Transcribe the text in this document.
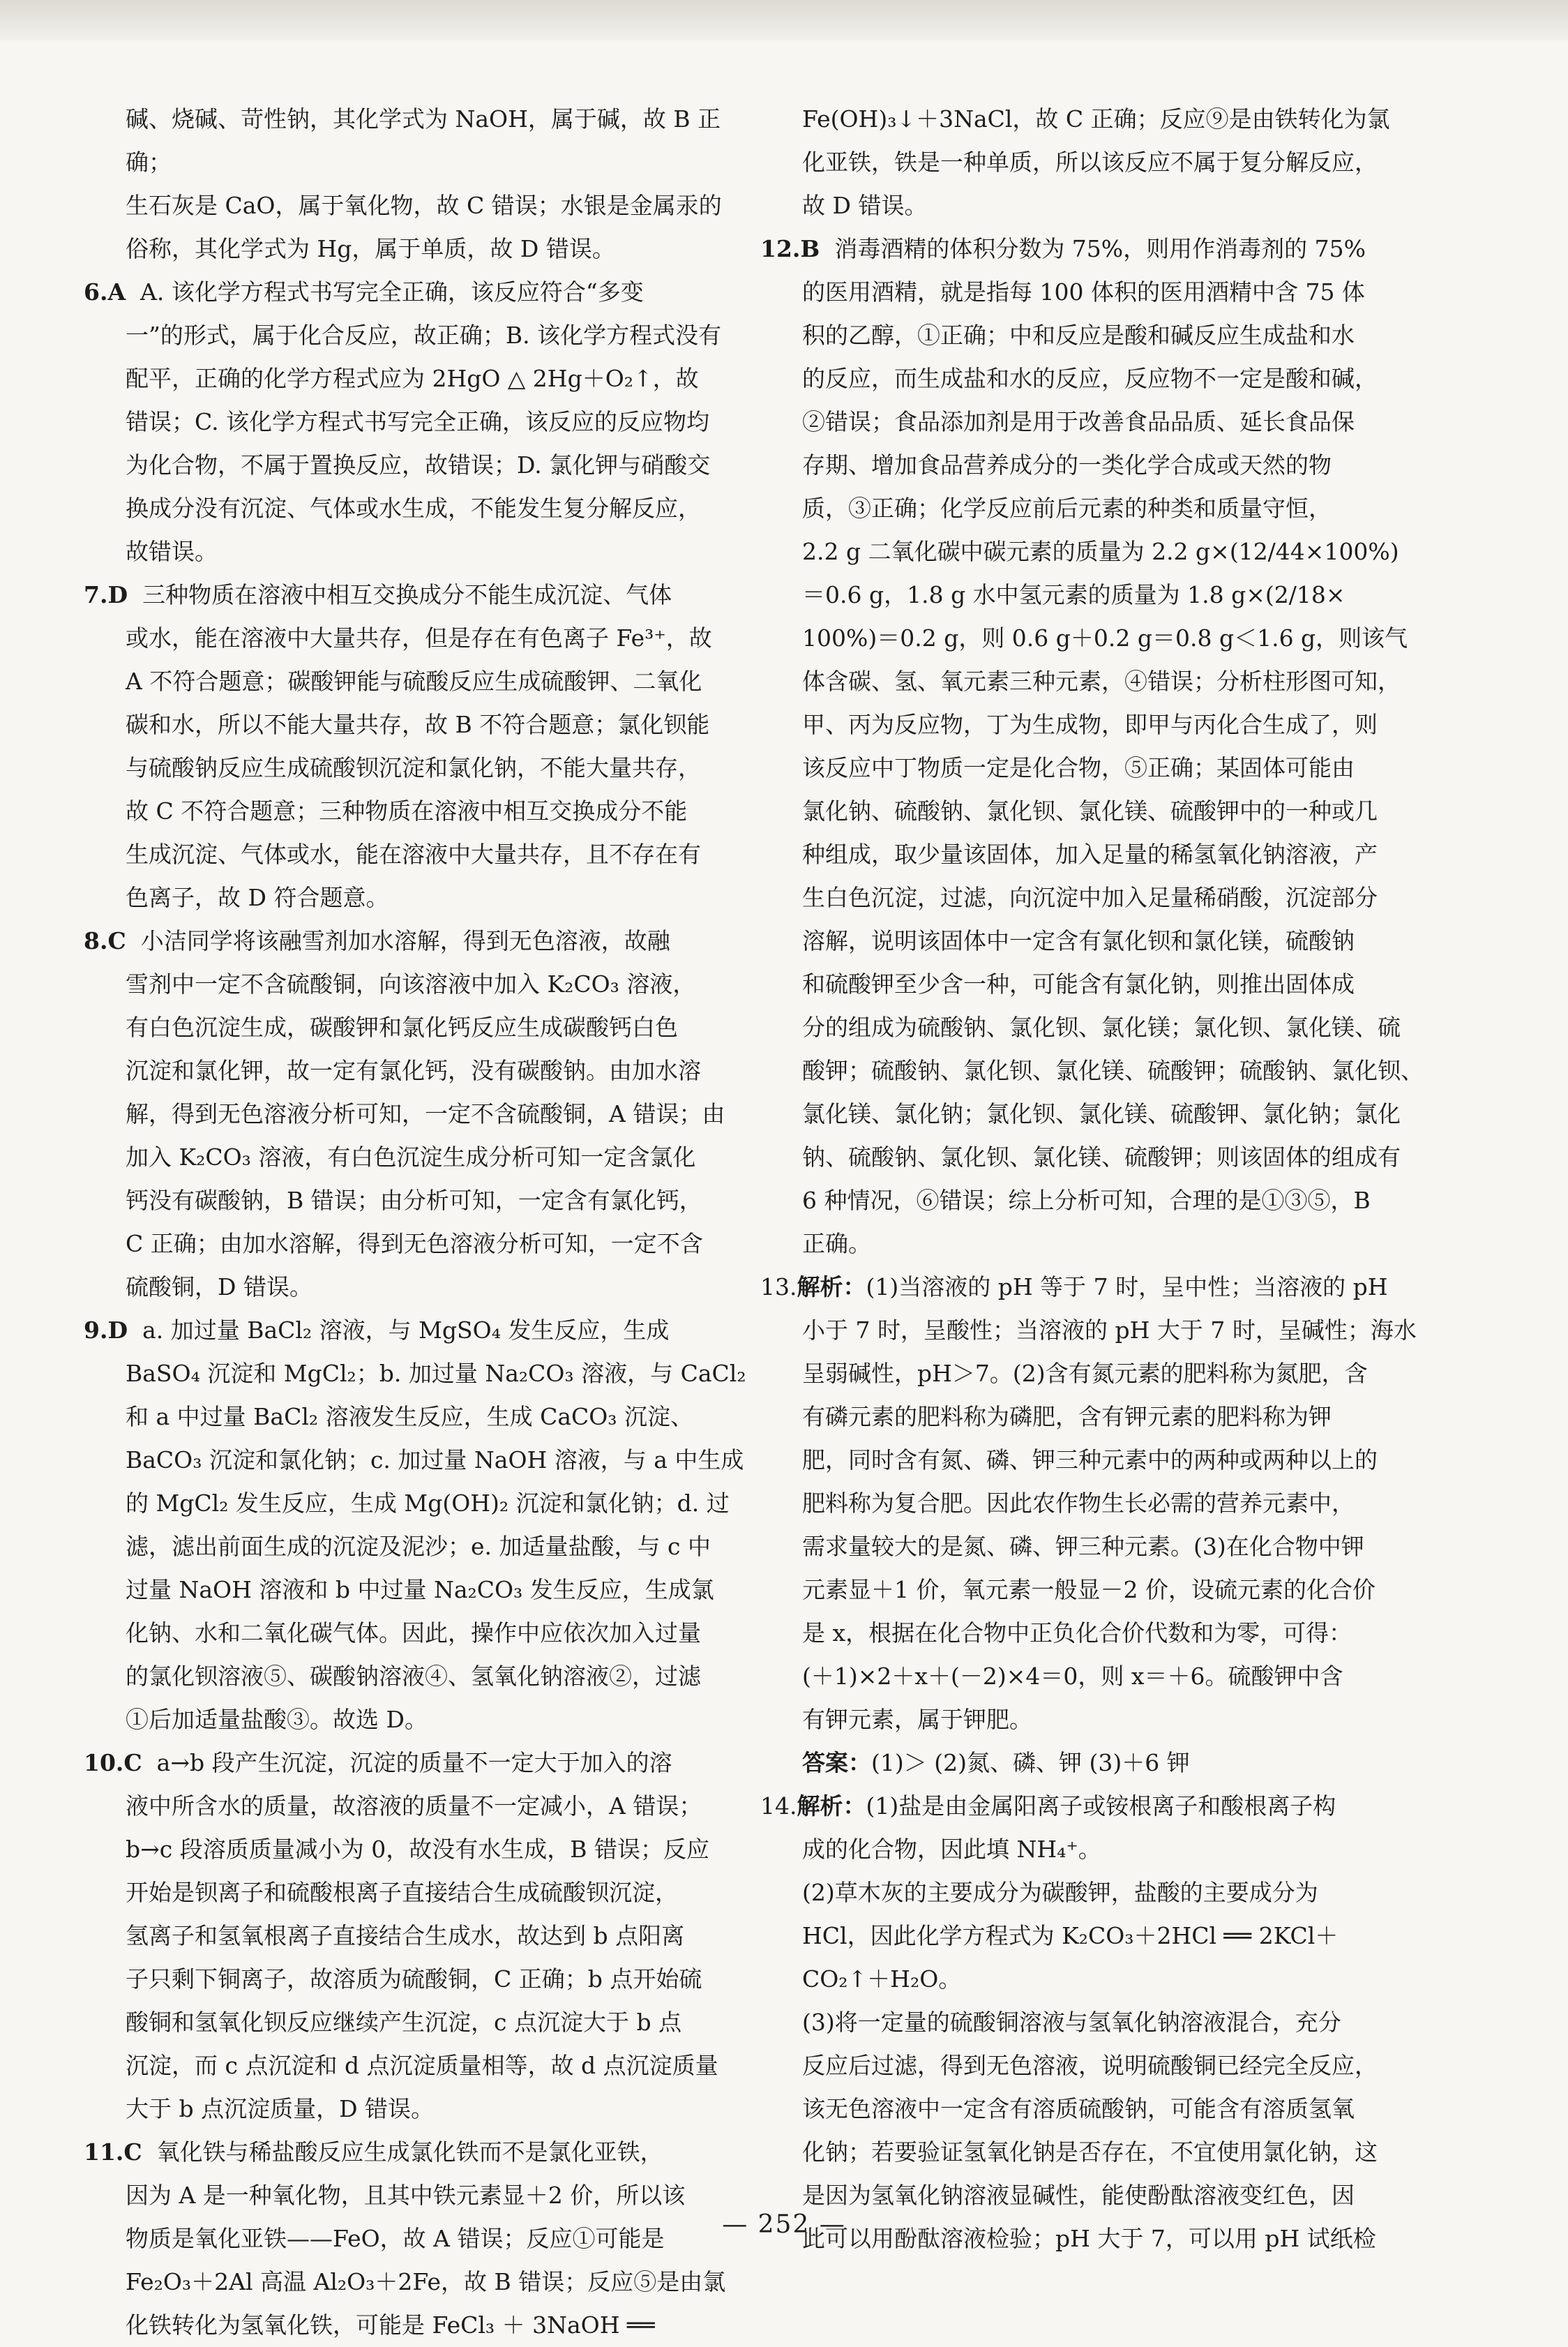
碱、烧碱、苛性钠，其化学式为 NaOH，属于碱，故 B 正确；

生石灰是 CaO，属于氧化物，故 C 错误；水银是金属汞的

俗称，其化学式为 Hg，属于单质，故 D 错误。

6.A A. 该化学方程式书写完全正确，该反应符合“多变

一”的形式，属于化合反应，故正确；B. 该化学方程式没有

配平，正确的化学方程式应为 2HgO △ 2Hg＋O₂↑，故

错误；C. 该化学方程式书写完全正确，该反应的反应物均

为化合物，不属于置换反应，故错误；D. 氯化钾与硝酸交

换成分没有沉淀、气体或水生成，不能发生复分解反应，

故错误。

7.D 三种物质在溶液中相互交换成分不能生成沉淀、气体

或水，能在溶液中大量共存，但是存在有色离子 Fe³⁺，故

A 不符合题意；碳酸钾能与硫酸反应生成硫酸钾、二氧化

碳和水，所以不能大量共存，故 B 不符合题意；氯化钡能

与硫酸钠反应生成硫酸钡沉淀和氯化钠，不能大量共存，

故 C 不符合题意；三种物质在溶液中相互交换成分不能

生成沉淀、气体或水，能在溶液中大量共存，且不存在有

色离子，故 D 符合题意。

8.C 小洁同学将该融雪剂加水溶解，得到无色溶液，故融

雪剂中一定不含硫酸铜，向该溶液中加入 K₂CO₃ 溶液，

有白色沉淀生成，碳酸钾和氯化钙反应生成碳酸钙白色

沉淀和氯化钾，故一定有氯化钙，没有碳酸钠。由加水溶

解，得到无色溶液分析可知，一定不含硫酸铜，A 错误；由

加入 K₂CO₃ 溶液，有白色沉淀生成分析可知一定含氯化

钙没有碳酸钠，B 错误；由分析可知，一定含有氯化钙，

C 正确；由加水溶解，得到无色溶液分析可知，一定不含

硫酸铜，D 错误。

9.D a. 加过量 BaCl₂ 溶液，与 MgSO₄ 发生反应，生成

BaSO₄ 沉淀和 MgCl₂；b. 加过量 Na₂CO₃ 溶液，与 CaCl₂

和 a 中过量 BaCl₂ 溶液发生反应，生成 CaCO₃ 沉淀、

BaCO₃ 沉淀和氯化钠；c. 加过量 NaOH 溶液，与 a 中生成

的 MgCl₂ 发生反应，生成 Mg(OH)₂ 沉淀和氯化钠；d. 过

滤，滤出前面生成的沉淀及泥沙；e. 加适量盐酸，与 c 中

过量 NaOH 溶液和 b 中过量 Na₂CO₃ 发生反应，生成氯

化钠、水和二氧化碳气体。因此，操作中应依次加入过量

的氯化钡溶液⑤、碳酸钠溶液④、氢氧化钠溶液②，过滤

①后加适量盐酸③。故选 D。

10.C a→b 段产生沉淀，沉淀的质量不一定大于加入的溶

液中所含水的质量，故溶液的质量不一定减小，A 错误；

b→c 段溶质质量减小为 0，故没有水生成，B 错误；反应

开始是钡离子和硫酸根离子直接结合生成硫酸钡沉淀，

氢离子和氢氧根离子直接结合生成水，故达到 b 点阳离

子只剩下铜离子，故溶质为硫酸铜，C 正确；b 点开始硫

酸铜和氢氧化钡反应继续产生沉淀，c 点沉淀大于 b 点

沉淀，而 c 点沉淀和 d 点沉淀质量相等，故 d 点沉淀质量

大于 b 点沉淀质量，D 错误。

11.C 氧化铁与稀盐酸反应生成氯化铁而不是氯化亚铁，

因为 A 是一种氧化物，且其中铁元素显＋2 价，所以该

物质是氧化亚铁——FeO，故 A 错误；反应①可能是

Fe₂O₃＋2Al 高温 Al₂O₃＋2Fe，故 B 错误；反应⑤是由氯

化铁转化为氢氧化铁，可能是 FeCl₃ ＋ 3NaOH ══

Fe(OH)₃↓＋3NaCl，故 C 正确；反应⑨是由铁转化为氯

化亚铁，铁是一种单质，所以该反应不属于复分解反应，

故 D 错误。

12.B 消毒酒精的体积分数为 75%，则用作消毒剂的 75%

的医用酒精，就是指每 100 体积的医用酒精中含 75 体

积的乙醇，①正确；中和反应是酸和碱反应生成盐和水

的反应，而生成盐和水的反应，反应物不一定是酸和碱，

②错误；食品添加剂是用于改善食品品质、延长食品保

存期、增加食品营养成分的一类化学合成或天然的物

质，③正确；化学反应前后元素的种类和质量守恒，

2.2 g 二氧化碳中碳元素的质量为 2.2 g×(12/44×100%)

＝0.6 g，1.8 g 水中氢元素的质量为 1.8 g×(2/18×

100%)＝0.2 g，则 0.6 g＋0.2 g＝0.8 g＜1.6 g，则该气

体含碳、氢、氧元素三种元素，④错误；分析柱形图可知，

甲、丙为反应物，丁为生成物，即甲与丙化合生成了，则

该反应中丁物质一定是化合物，⑤正确；某固体可能由

氯化钠、硫酸钠、氯化钡、氯化镁、硫酸钾中的一种或几

种组成，取少量该固体，加入足量的稀氢氧化钠溶液，产

生白色沉淀，过滤，向沉淀中加入足量稀硝酸，沉淀部分

溶解，说明该固体中一定含有氯化钡和氯化镁，硫酸钠

和硫酸钾至少含一种，可能含有氯化钠，则推出固体成

分的组成为硫酸钠、氯化钡、氯化镁；氯化钡、氯化镁、硫

酸钾；硫酸钠、氯化钡、氯化镁、硫酸钾；硫酸钠、氯化钡、

氯化镁、氯化钠；氯化钡、氯化镁、硫酸钾、氯化钠；氯化

钠、硫酸钠、氯化钡、氯化镁、硫酸钾；则该固体的组成有

6 种情况，⑥错误；综上分析可知，合理的是①③⑤，B

正确。

13.解析：(1)当溶液的 pH 等于 7 时，呈中性；当溶液的 pH

小于 7 时，呈酸性；当溶液的 pH 大于 7 时，呈碱性；海水

呈弱碱性，pH＞7。(2)含有氮元素的肥料称为氮肥，含

有磷元素的肥料称为磷肥，含有钾元素的肥料称为钾

肥，同时含有氮、磷、钾三种元素中的两种或两种以上的

肥料称为复合肥。因此农作物生长必需的营养元素中，

需求量较大的是氮、磷、钾三种元素。(3)在化合物中钾

元素显＋1 价，氧元素一般显－2 价，设硫元素的化合价

是 x，根据在化合物中正负化合价代数和为零，可得：

(＋1)×2＋x＋(－2)×4＝0，则 x＝＋6。硫酸钾中含

有钾元素，属于钾肥。

答案：(1)＞ (2)氮、磷、钾 (3)＋6 钾

14.解析：(1)盐是由金属阳离子或铵根离子和酸根离子构

成的化合物，因此填 NH₄⁺。

(2)草木灰的主要成分为碳酸钾，盐酸的主要成分为

HCl，因此化学方程式为 K₂CO₃＋2HCl ══ 2KCl＋

CO₂↑＋H₂O。

(3)将一定量的硫酸铜溶液与氢氧化钠溶液混合，充分

反应后过滤，得到无色溶液，说明硫酸铜已经完全反应，

该无色溶液中一定含有溶质硫酸钠，可能含有溶质氢氧

化钠；若要验证氢氧化钠是否存在，不宜使用氯化钠，这

是因为氢氧化钠溶液显碱性，能使酚酞溶液变红色，因

此可以用酚酞溶液检验；pH 大于 7，可以用 pH 试纸检

— 252 —
